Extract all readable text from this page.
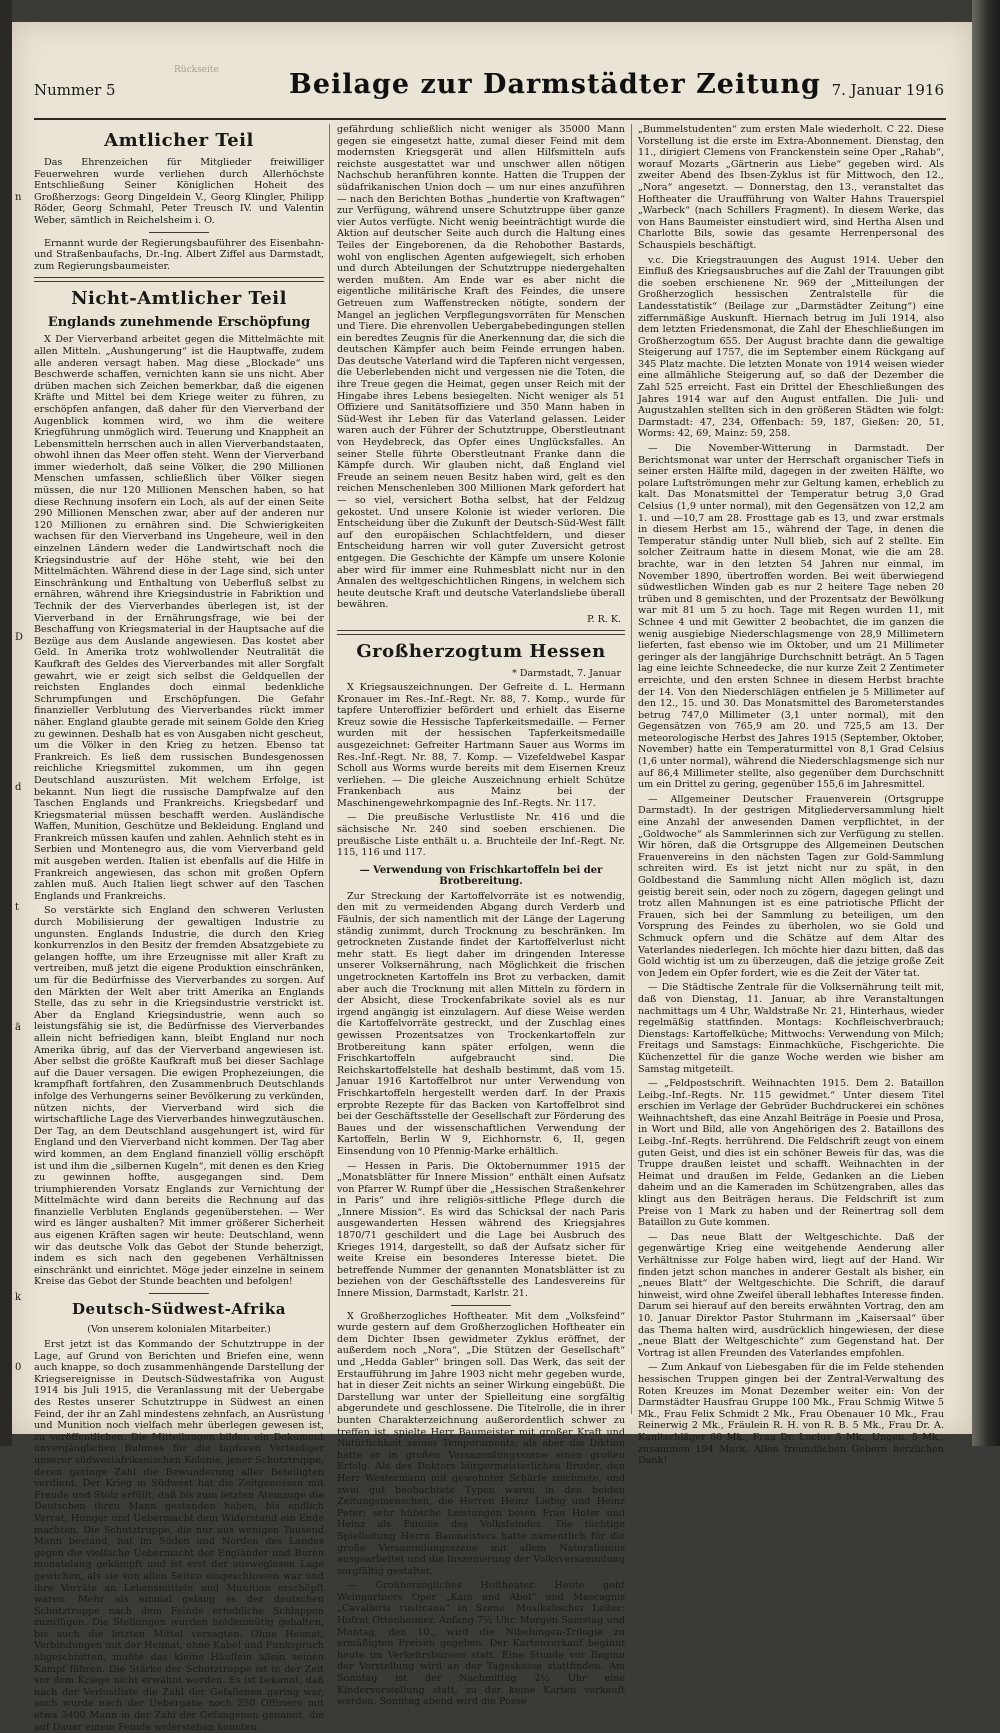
Nummer 5
Rückseite	Beilage zur Darmstädter Zeitung 7. Januar 1916
Amtlicher Teil

Das Ehrenzeichen für Mitglieder freiwilliger Feuerwehren wurde verliehen durch Allerhöchste Entschließung Seiner Königlichen Hoheit des Großherzogs: Georg Dingeldein V., Georg Klingler, Philipp Röder, Georg Schmahl, Peter Treusch IV. und Valentin Weber, sämtlich in Reichelsheim i. O.

Ernannt wurde der Regierungsbauführer des Eisenbahn- und Straßenbaufachs, Dr.-Ing. Albert Ziffel aus Darmstadt, zum Regierungsbaumeister.

Nicht-Amtlicher Teil
Englands zunehmende Erschöpfung

X Der Vierverband arbeitet gegen die Mittelmächte mit allen Mitteln. „Aushungerung“ ist die Hauptwaffe, zudem alle anderen versagt haben. Mag diese „Blockade“ uns Beschwerde schaffen, vernichten kann sie uns nicht. Aber drüben machen sich Zeichen bemerkbar, daß die eigenen Kräfte und Mittel bei dem Kriege weiter zu führen, zu erschöpfen anfangen, daß daher für den Vierverband der Augenblick kommen wird, wo ihm die weitere Kriegführung unmöglich wird. Teuerung und Knappheit an Lebensmitteln herrschen auch in allen Vierverbandstaaten, obwohl ihnen das Meer offen steht. Wenn der Vierverband immer wiederholt, daß seine Völker, die 290 Millionen Menschen umfassen, schließlich über Völker siegen müssen, die nur 120 Millionen Menschen haben, so hat diese Rechnung insofern ein Loch, als auf der einen Seite 290 Millionen Menschen zwar, aber auf der anderen nur 120 Millionen zu ernähren sind. Die Schwierigkeiten wachsen für den Vierverband ins Ungeheure, weil in den einzelnen Ländern weder die Landwirtschaft noch die Kriegsindustrie auf der Höhe steht, wie bei den Mittelmächten. Während diese in der Lage sind, sich unter Einschränkung und Enthaltung von Ueberfluß selbst zu ernähren, während ihre Kriegsindustrie in Fabriktion und Technik der des Vierverbandes überlegen ist, ist der Vierverband in der Ernährungsfrage, wie bei der Beschaffung von Kriegsmaterial in der Hauptsache auf die Bezüge aus dem Auslande angewiesen. Das kostet aber Geld. In Amerika trotz wohlwollender Neutralität die Kaufkraft des Geldes des Vierverbandes mit aller Sorgfalt gewahrt, wie er zeigt sich selbst die Geldquellen der reichsten Englandes doch einmal bedenkliche Schrumpfungen und Erschöpfungen. Die Gefahr finanzieller Verblutung des Vierverbandes rückt immer näher. England glaubte gerade mit seinem Golde den Krieg zu gewinnen. Deshalb hat es von Ausgaben nicht gescheut, um die Völker in den Krieg zu hetzen. Ebenso tat Frankreich. Es ließ dem russischen Bundesgenossen reichliche Kriegsmittel zukommen, um ihn gegen Deutschland auszurüsten. Mit welchem Erfolge, ist bekannt. Nun liegt die russische Dampfwalze auf den Taschen Englands und Frankreichs. Kriegsbedarf und Kriegsmaterial müssen beschafft werden. Ausländische Waffen, Munition, Geschütze und Bekleidung. England und Frankreich müssen kaufen und zahlen. Aehnlich steht es in Serbien und Montenegro aus, die vom Vierverband geld mit ausgeben werden. Italien ist ebenfalls auf die Hilfe in Frankreich angewiesen, das schon mit großen Opfern zahlen muß. Auch Italien liegt schwer auf den Taschen Englands und Frankreichs.

So verstärkte sich England den schweren Verlusten durch Mobilisierung der gewaltigen Industrie zu ungunsten. Englands Industrie, die durch den Krieg konkurrenzlos in den Besitz der fremden Absatzgebiete zu gelangen hoffte, um ihre Erzeugnisse mit aller Kraft zu vertreiben, muß jetzt die eigene Produktion einschränken, um für die Bedürfnisse des Vierverbandes zu sorgen. Auf den Märkten der Welt aber tritt Amerika an Englands Stelle, das zu sehr in die Kriegsindustrie verstrickt ist. Aber da England Kriegsindustrie, wenn auch so leistungsfähig sie ist, die Bedürfnisse des Vierverbandes allein nicht befriedigen kann, bleibt England nur noch Amerika übrig, auf das der Vierverband angewiesen ist. Aber selbst die größte Kaufkraft muß bei dieser Sachlage auf die Dauer versagen. Die ewigen Prophezeiungen, die krampfhaft fortfahren, den Zusammenbruch Deutschlands infolge des Verhungerns seiner Bevölkerung zu verkünden, nützen nichts, der Vierverband wird sich die wirtschaftliche Lage des Vierverbandes hinwegzutäuschen. Der Tag, an dem Deutschland ausgehungert ist, wird für England und den Vierverband nicht kommen. Der Tag aber wird kommen, an dem England finanziell völlig erschöpft ist und ihm die „silbernen Kugeln“, mit denen es den Krieg zu gewinnen hoffte, ausgegangen sind. Dem triumphierenden Vorsatz Englands zur Vernichtung der Mittelmächte wird dann bereits die Rechnung auf das finanzielle Verbluten Englands gegenüberstehen. — Wer wird es länger aushalten? Mit immer größerer Sicherheit aus eigenen Kräften sagen wir heute: Deutschland, wenn wir das deutsche Volk das Gebot der Stunde beherzigt, indem es sich nach den gegebenen Verhältnissen einschränkt und einrichtet. Möge jeder einzelne in seinem Kreise das Gebot der Stunde beachten und befolgen!

Deutsch-Südwest-Afrika
(Von unserem kolonialen Mitarbeiter.)

Erst jetzt ist das Kommando der Schutztruppe in der Lage, auf Grund von Berichten und Briefen eine, wenn auch knappe, so doch zusammenhängende Darstellung der Kriegsereignisse in Deutsch-Südwestafrika von August 1914 bis Juli 1915, die Veranlassung mit der Uebergabe des Restes unserer Schutztruppe in Südwest an einen Feind, der ihr an Zahl mindestens zehnfach, an Ausrüstung und Munition noch vielfach mehr überlegen gewesen ist, zu veröffentlichen. Die Mitteilungen bilden ein Dokument unvergänglichen Ruhmes für die tapferen Verteidiger unserer südwestafrikanischen Kolonie, jener Schutztruppe, deren geringe Zahl die Bewunderung aller Beteiligten verdient. Der Krieg in Südwest hat die Zeitgenossen mit Freude und Stolz erfüllt, daß bis zum letzten Atemzuge die Deutschen ihren Mann gestanden haben, bis endlich Verrat, Hunger und Uebermacht dem Widerstand ein Ende machten. Die Schutztruppe, die nur aus wenigen Tausend Mann bestand, hat im Süden und Norden des Landes gegen die vielfache Uebermacht der Engländer und Buren monatelang gekämpft und ist erst der ausweglosen Lage gewichen, als sie von allen Seiten eingeschlossen war und ihre Vorräte an Lebensmitteln und Munition erschöpft waren. Mehr als einmal gelang es der deutschen Schutztruppe nach dem Feinde erhebliche Schlappen zuzufügen. Die Stellungen wurden heldenmütig gehalten, bis auch die letzten Mittel versagten. Ohne Heimat, Verbindungen mit der Heimat, ohne Kabel und Funkspruch abgeschnitten, mußte das kleine Häuflein allein seinen Kampf führen. Die Stärke der Schutztruppe ist in der Zeit vor dem Kriege nicht erwähnt worden. Es ist bekannt, daß nach der Verlustliste die Zahl der Gefallenen gering war, auch wurde nach der Uebergabe noch 250 Offiziere mit etwa 3400 Mann in der Zahl der Gefangenen genannt, die auf Dauer einem Feinde widerstehen konnten.

gefährdung schließlich nicht weniger als 35000 Mann gegen sie eingesetzt hatte, zumal dieser Feind mit dem modernsten Kriegsgerät und allen Hilfsmitteln aufs reichste ausgestattet war und unschwer allen nötigen Nachschub heranführen konnte. Hatten die Truppen der südafrikanischen Union doch — um nur eines anzuführen — nach den Berichten Bothas „hundertie von Kraftwagen“ zur Verfügung, während unsere Schutztruppe über ganze vier Autos verfügte. Nicht wenig beeinträchtigt wurde die Aktion auf deutscher Seite auch durch die Haltung eines Teiles der Eingeborenen, da die Rehobother Bastards, wohl von englischen Agenten aufgewiegelt, sich erhoben und durch Abteilungen der Schutztruppe niedergehalten werden mußten. Am Ende war es aber nicht die eigentliche militärische Kraft des Feindes, die unsere Getreuen zum Waffenstrecken nötigte, sondern der Mangel an jeglichen Verpflegungsvorräten für Menschen und Tiere. Die ehrenvollen Uebergabebedingungen stellen ein beredtes Zeugnis für die Anerkennung dar, die sich die deutschen Kämpfer auch beim Feinde errungen haben. Das deutsche Vaterland wird die Tapferen nicht vergessen, die Ueberlebenden nicht und vergessen nie die Toten, die ihre Treue gegen die Heimat, gegen unser Reich mit der Hingabe ihres Lebens besiegelten. Nicht weniger als 51 Offiziere und Sanitätsoffiziere und 350 Mann haben in Süd-West ihr Leben für das Vaterland gelassen. Leider waren auch der Führer der Schutztruppe, Oberstleutnant von Heydebreck, das Opfer eines Unglücksfalles. An seiner Stelle führte Oberstleutnant Franke dann die Kämpfe durch. Wir glauben nicht, daß England viel Freude an seinem neuen Besitz haben wird, gelt es den reichen Menschenleben 300 Millionen Mark gefordert hat — so viel, versichert Botha selbst, hat der Feldzug gekostet. Und unsere Kolonie ist wieder verloren. Die Entscheidung über die Zukunft der Deutsch-Süd-West fällt auf den europäischen Schlachtfeldern, und dieser Entscheidung harren wir voll guter Zuversicht getrost entgegen. Die Geschichte der Kämpfe um unsere Kolonie aber wird für immer eine Ruhmesblatt nicht nur in den Annalen des weltgeschichtlichen Ringens, in welchem sich heute deutsche Kraft und deutsche Vaterlandsliebe überall bewähren.

P. R. K.
Großherzogtum Hessen
* Darmstadt, 7. Januar

X Kriegsauszeichnungen. Der Gefreite d. L. Hermann Kronauer im Res.-Inf.-Regt. Nr. 88, 7. Komp., wurde für tapfere Unteroffizier befördert und erhielt das Eiserne Kreuz sowie die Hessische Tapferkeitsmedaille. — Ferner wurden mit der hessischen Tapferkeitsmedaille ausgezeichnet: Gefreiter Hartmann Sauer aus Worms im Res.-Inf.-Regt. Nr. 88, 7. Komp. — Vizefeldwebel Kaspar Scholl aus Worms wurde bereits mit dem Eisernen Kreuz verliehen. — Die gleiche Auszeichnung erhielt Schütze Frankenbach aus Mainz bei der Maschinengewehrkompagnie des Inf.-Regts. Nr. 117.

— Die preußische Verlustliste Nr. 416 und die sächsische Nr. 240 sind soeben erschienen. Die preußische Liste enthält u. a. Bruchteile der Inf.-Regt. Nr. 115, 116 und 117.

— Verwendung von Frischkartoffeln bei der Brotbereitung.

Zur Streckung der Kartoffelvorräte ist es notwendig, den mit zu vermeidenden Abgang durch Verderb und Fäulnis, der sich namentlich mit der Länge der Lagerung ständig zunimmt, durch Trocknung zu beschränken. Im getrockneten Zustande findet der Kartoffelverlust nicht mehr statt. Es liegt daher im dringenden Interesse unserer Volksernährung, nach Möglichkeit die frischen ungetrockneten Kartoffeln ins Brot zu verbacken, damit aber auch die Trocknung mit allen Mitteln zu fördern in der Absicht, diese Trockenfabrikate soviel als es nur irgend angängig ist einzulagern. Auf diese Weise werden die Kartoffelvorräte gestreckt, und der Zuschlag eines gewissen Prozentsatzes von Trockenkartoffeln zur Brotbereitung kann später erfolgen, wenn die Frischkartoffeln aufgebraucht sind. Die Reichskartoffelstelle hat deshalb bestimmt, daß vom 15. Januar 1916 Kartoffelbrot nur unter Verwendung von Frischkartoffeln hergestellt werden darf. In der Praxis erprobte Rezepte für das Backen von Kartoffelbrot sind bei der Geschäftsstelle der Gesellschaft zur Förderung des Baues und der wissenschaftlichen Verwendung der Kartoffeln, Berlin W 9, Eichhornstr. 6, II, gegen Einsendung von 10 Pfennig-Marke erhältlich.

— Hessen in Paris. Die Oktobernummer 1915 der „Monatsblätter für Innere Mission“ enthält einen Aufsatz von Pfarrer W. Rumpf über die „Hessischen Straßenkehrer in Paris“ und ihre religiös-sittliche Pflege durch die „Innere Mission“. Es wird das Schicksal der nach Paris ausgewanderten Hessen während des Kriegsjahres 1870/71 geschildert und die Lage bei Ausbruch des Krieges 1914, dargestellt, so daß der Aufsatz sicher für weite Kreise ein besonderes Interesse bietet. Die betreffende Nummer der genannten Monatsblätter ist zu beziehen von der Geschäftsstelle des Landesvereins für Innere Mission, Darmstadt, Karlstr. 21.

X Großherzogliches Hoftheater. Mit dem „Volksfeind“ wurde gestern auf dem Großherzoglichen Hoftheater ein dem Dichter Ibsen gewidmeter Zyklus eröffnet, der außerdem noch „Nora“, „Die Stützen der Gesellschaft“ und „Hedda Gabler“ bringen soll. Das Werk, das seit der Erstaufführung im Jahre 1903 nicht mehr gegeben wurde, hat in dieser Zeit nichts an seiner Wirkung eingebüßt. Die Darstellung war unter der Spielleitung eine sorgfältig abgerundete und geschlossene. Die Titelrolle, die in ihrer bunten Charakterzeichnung außerordentlich schwer zu treffen ist, spielte Herr Baumeister mit großer Kraft und Natürlichkeit seines Temperaments; als aber die Diktion hatte er in großen Versammlungsszene einen großen Erfolg. Als des Doktors bürgermeisterlichen Bruder, den Herr Westermann mit gewohnter Schärfe zeichnete, und zwei gut beobachtete Typen waren in den beiden Zeitungsmenschen, die Herren Heinz Liebig und Heinz Peter; sehr hübsche Leistungen boten Frau Hofer und Heinz als Familie des Volksfeindes. Die tüchtige Spielleitung Herrn Baumeisters hatte namentlich für die große Versammlungsszene mit allem Naturalismus ausgearbeitet und die Inszenierung der Volksversammlung sorgfältig gestaltet.

— Großherzogliches Hoftheater. Heute geht Weingartners Oper „Kain und Abel“ und Mascagnis „Cavalleria rusticana“ in Szene. Musikalischer Leiter: Hofrat Ottenheimer. Anfang 7½ Uhr. Morgen Samstag und Montag, den 10., wird die Nibelungen-Trilogie zu ermäßigten Preisen gegeben. Der Kartenverkauf beginnt heute im Verkehrsbureau statt. Eine Stunde vor Beginn der Vorstellung wird an der Tageskasse stattfinden. Am Sonntag ist der Nachmittag 2½ Uhr eine Kindervorstellung statt, zu der keine Karten verkauft werden. Sonntag abend wird die Posse

„Bummelstudenten“ zum ersten Male wiederholt. C 22. Diese Vorstellung ist die erste im Extra-Abonnement. Dienstag, den 11., dirigiert Clemens von Franckenstein seine Oper „Rahab“, worauf Mozarts „Gärtnerin aus Liebe“ gegeben wird. Als zweiter Abend des Ibsen-Zyklus ist für Mittwoch, den 12., „Nora“ angesetzt. — Donnerstag, den 13., veranstaltet das Hoftheater die Uraufführung von Walter Hahns Trauerspiel „Warbeck“ (nach Schillers Fragment). In diesem Werke, das von Hans Baumeister einstudiert wird, sind Hertha Alsen und Charlotte Bils, sowie das gesamte Herrenpersonal des Schauspiels beschäftigt.

v.c. Die Kriegstrauungen des August 1914. Ueber den Einfluß des Kriegsausbruches auf die Zahl der Trauungen gibt die soeben erschienene Nr. 969 der „Mitteilungen der Großherzoglich hessischen Zentralstelle für die Landesstatistik“ (Beilage zur „Darmstädter Zeitung“) eine ziffernmäßige Auskunft. Hiernach betrug im Juli 1914, also dem letzten Friedensmonat, die Zahl der Eheschließungen im Großherzogtum 655. Der August brachte dann die gewaltige Steigerung auf 1757, die im September einem Rückgang auf 345 Platz machte. Die letzten Monate von 1914 weisen wieder eine allmähliche Steigerung auf, so daß der Dezember die Zahl 525 erreicht. Fast ein Drittel der Eheschließungen des Jahres 1914 war auf den August entfallen. Die Juli- und Augustzahlen stellten sich in den größeren Städten wie folgt: Darmstadt: 47, 234, Offenbach: 59, 187, Gießen: 20, 51, Worms: 42, 69, Mainz: 59, 258.

— Die November-Witterung in Darmstadt. Der Berichtsmonat war unter der Herrschaft organischer Tiefs in seiner ersten Hälfte mild, dagegen in der zweiten Hälfte, wo polare Luftströmungen mehr zur Geltung kamen, erheblich zu kalt. Das Monatsmittel der Temperatur betrug 3,0 Grad Celsius (1,9 unter normal), mit den Gegensätzen von 12,2 am 1. und —10,7 am 28. Frosttage gab es 13, und zwar erstmals in diesem Herbst am 15., während der Tage, in denen die Temperatur ständig unter Null blieb, sich auf 2 stellte. Ein solcher Zeitraum hatte in diesem Monat, wie die am 28. brachte, war in den letzten 54 Jahren nur einmal, im November 1890, übertroffen worden. Bei weit überwiegend südwestlichen Winden gab es nur 2 heitere Tage neben 20 trüben und 8 gemischten, und der Prozentsatz der Bewölkung war mit 81 um 5 zu hoch. Tage mit Regen wurden 11, mit Schnee 4 und mit Gewitter 2 beobachtet, die im ganzen die wenig ausgiebige Niederschlagsmenge von 28,9 Millimetern lieferten, fast ebenso wie im Oktober, und um 21 Millimeter geringer als der langjährige Durchschnitt beträgt. An 5 Tagen lag eine leichte Schneedecke, die nur kurze Zeit 2 Zentimeter erreichte, und den ersten Schnee in diesem Herbst brachte der 14. Von den Niederschlägen entfielen je 5 Millimeter auf den 12., 15. und 30. Das Monatsmittel des Barometerstandes betrug 747,0 Millimeter (3,1 unter normal), mit den Gegensätzen von 765,9 am 20. und 725,5 am 13. Der meteorologische Herbst des Jahres 1915 (September, Oktober, November) hatte ein Temperaturmittel von 8,1 Grad Celsius (1,6 unter normal), während die Niederschlagsmenge sich nur auf 86,4 Millimeter stellte, also gegenüber dem Durchschnitt um ein Drittel zu gering, gegenüber 155,6 im Jahresmittel.

— Allgemeiner Deutscher Frauenverein (Ortsgruppe Darmstadt). In der gestrigen Mitgliederversammlung hielt eine Anzahl der anwesenden Damen verpflichtet, in der „Goldwoche“ als Sammlerinnen sich zur Verfügung zu stellen. Wir hören, daß die Ortsgruppe des Allgemeinen Deutschen Frauenvereins in den nächsten Tagen zur Gold-Sammlung schreiten wird. Es ist jetzt nicht nur zu spät, in den Goldbestand die Sammlung nicht Allen möglich ist, dazu geistig bereit sein, oder noch zu zögern, dagegen gelingt und trotz allen Mahnungen ist es eine patriotische Pflicht der Frauen, sich bei der Sammlung zu beteiligen, um den Vorsprung des Feindes zu überholen, wo sie Gold und Schmuck opfern und die Schätze auf dem Altar des Vaterlandes niederlegen. Ich möchte hier dazu bitten, daß das Gold wichtig ist um zu überzeugen, daß die jetzige große Zeit von Jedem ein Opfer fordert, wie es die Zeit der Väter tat.

— Die Städtische Zentrale für die Volksernährung teilt mit, daß von Dienstag, 11. Januar, ab ihre Veranstaltungen nachmittags um 4 Uhr, Waldstraße Nr. 21, Hinterhaus, wieder regelmäßig stattfinden. Montags: Kochfleischverbrauch; Dienstags: Kartoffelküche; Mittwochs: Verwendung von Milch; Freitags und Samstags: Einmachküche, Fischgerichte. Die Küchenzettel für die ganze Woche werden wie bisher am Samstag mitgeteilt.

— „Feldpostschrift. Weihnachten 1915. Dem 2. Bataillon Leibg.-Inf.-Regts. Nr. 115 gewidmet.“ Unter diesem Titel erschien im Verlage der Gebrüder Buchdruckerei ein schönes Weihnachtsheft, das eine Anzahl Beiträge in Poesie und Prosa, in Wort und Bild, alle von Angehörigen des 2. Bataillons des Leibg.-Inf.-Regts. herrührend. Die Feldschrift zeugt von einem guten Geist, und dies ist ein schöner Beweis für das, was die Truppe draußen leistet und schafft. Weihnachten in der Heimat und draußen im Felde, Gedanken an die Lieben daheim und an die Kameraden im Schützengraben, alles das klingt aus den Beiträgen heraus. Die Feldschrift ist zum Preise von 1 Mark zu haben und der Reinertrag soll dem Bataillon zu Gute kommen.

— Das neue Blatt der Weltgeschichte. Daß der gegenwärtige Krieg eine weitgehende Aenderung aller Verhältnisse zur Folge haben wird, liegt auf der Hand. Wir finden jetzt schon manches in anderer Gestalt als bisher, ein „neues Blatt“ der Weltgeschichte. Die Schrift, die darauf hinweist, wird ohne Zweifel überall lebhaftes Interesse finden. Darum sei hierauf auf den bereits erwähnten Vortrag, den am 10. Januar Direktor Pastor Stuhrmann im „Kaisersaal“ über das Thema halten wird, ausdrücklich hingewiesen, der diese „neue Blatt der Weltgeschichte“ zum Gegenstand hat. Der Vortrag ist allen Freunden des Vaterlandes empfohlen.

— Zum Ankauf von Liebesgaben für die im Felde stehenden hessischen Truppen gingen bei der Zentral-Verwaltung des Roten Kreuzes im Monat Dezember weiter ein: Von der Darmstädter Hausfrau Gruppe 100 Mk., Frau Schmig Witwe 5 Mk., Frau Felix Schmidt 2 Mk., Frau Obenauer 10 Mk., Frau Reinerwig 2 Mk., Fräulein R. H. von R. B. 5 Mk., Frau Dr. A. Kanitschläger 60 Mk., Frau Dr. Lucius 5 Mk., Ungen. 5 Mk., zusammen 194 Mark. Allen freundlichen Gebern herzlichen Dank!

n
D
d
t
ä
k
0
